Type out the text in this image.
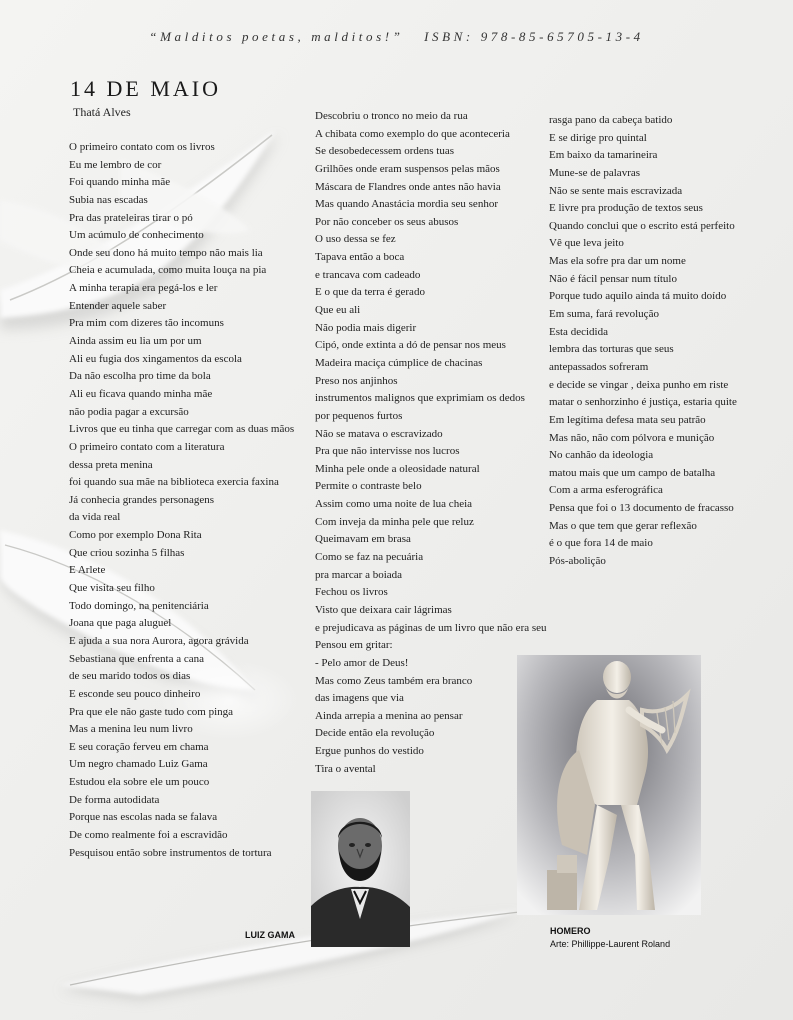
“Malditos poetas, malditos!”   ISBN: 978-85-65705-13-4
14 DE MAIO
Thatá Alves
O primeiro contato com os livros
Eu me lembro de cor
Foi quando minha mãe
Subia nas escadas
Pra das prateleiras tirar o pó
Um acúmulo de conhecimento
Onde seu dono há muito tempo não mais lia
Cheia e acumulada, como muita louça na pia
A minha terapia era pegá-los e ler
Entender aquele saber
Pra mim com dizeres tão incomuns
Ainda assim eu lia um por um
Ali eu fugia dos xingamentos da escola
Da não escolha pro time da bola
Ali eu ficava quando minha mãe
não podia pagar a excursão
Livros que eu tinha que carregar com as duas mãos
O primeiro contato com a literatura
dessa preta menina
foi quando sua mãe na biblioteca exercia faxina
Já conhecia grandes personagens
da vida real
Como por exemplo Dona Rita
Que criou sozinha 5 filhas
E Arlete
Que visita seu filho
Todo domingo, na penitenciária
Joana que paga aluguel
E ajuda a sua nora Aurora, agora grávida
Sebastiana que enfrenta a cana
de seu marido todos os dias
E esconde seu pouco dinheiro
Pra que ele não gaste tudo com pinga
Mas a menina leu num livro
E seu coração ferveu em chama
Um negro chamado Luiz Gama
Estudou ela sobre ele um pouco
De forma autodidata
Porque nas escolas nada se falava
De como realmente foi a escravidão
Pesquisou então sobre instrumentos de tortura
Descobriu o tronco no meio da rua
A chibata como exemplo do que aconteceria
Se desobedecessem ordens tuas
Grilhões onde eram suspensos pelas mãos
Máscara de Flandres onde antes não havia
Mas quando Anastácia mordia seu senhor
Por não conceber os seus abusos
O uso dessa se fez
Tapava então a boca
e trancava com cadeado
E o que da terra é gerado
Que eu ali
Não podia mais digerir
Cipó, onde extinta a dó de pensar nos meus
Madeira maciça cúmplice de chacinas
Preso nos anjinhos
instrumentos malignos que exprimiam os dedos
por pequenos furtos
Não se matava o escravizado
Pra que não intervisse nos lucros
Minha pele onde a oleosidade natural
Permite o contraste belo
Assim como uma noite de lua cheia
Com inveja da minha pele que reluz
Queimavam em brasa
Como se faz na pecuária
pra marcar a boiada
Fechou os livros
Visto que deixara cair lágrimas
e prejudicava as páginas de um livro que não era seu
Pensou em gritar:
- Pelo amor de Deus!
Mas como Zeus também era branco
das imagens que via
Ainda arrepia a menina ao pensar
Decide então ela revolução
Ergue punhos do vestido
Tira o avental
rasga pano da cabeça batido
E se dirige pro quintal
Em baixo da tamarineira
Mune-se de palavras
Não se sente mais escravizada
E livre pra produção de textos seus
Quando conclui que o escrito está perfeito
Vê que leva jeito
Mas ela sofre pra dar um nome
Não é fácil pensar num título
Porque tudo aquilo ainda tá muito doído
Em suma, fará revolução
Esta decidida
lembra das torturas que seus
antepassados sofreram
e decide se vingar , deixa punho em riste
matar o senhorzinho é justiça, estaria quite
Em legítima defesa mata seu patrão
Mas não, não com pólvora e munição
No canhão da ideologia
matou mais que um campo de batalha
Com a arma esferográfica
Pensa que foi o 13 documento de fracasso
Mas o que tem que gerar reflexão
é o que fora 14 de maio
Pós-abolição
LUIZ GAMA	HOMERO
Arte: Phillippe-Laurent Roland
